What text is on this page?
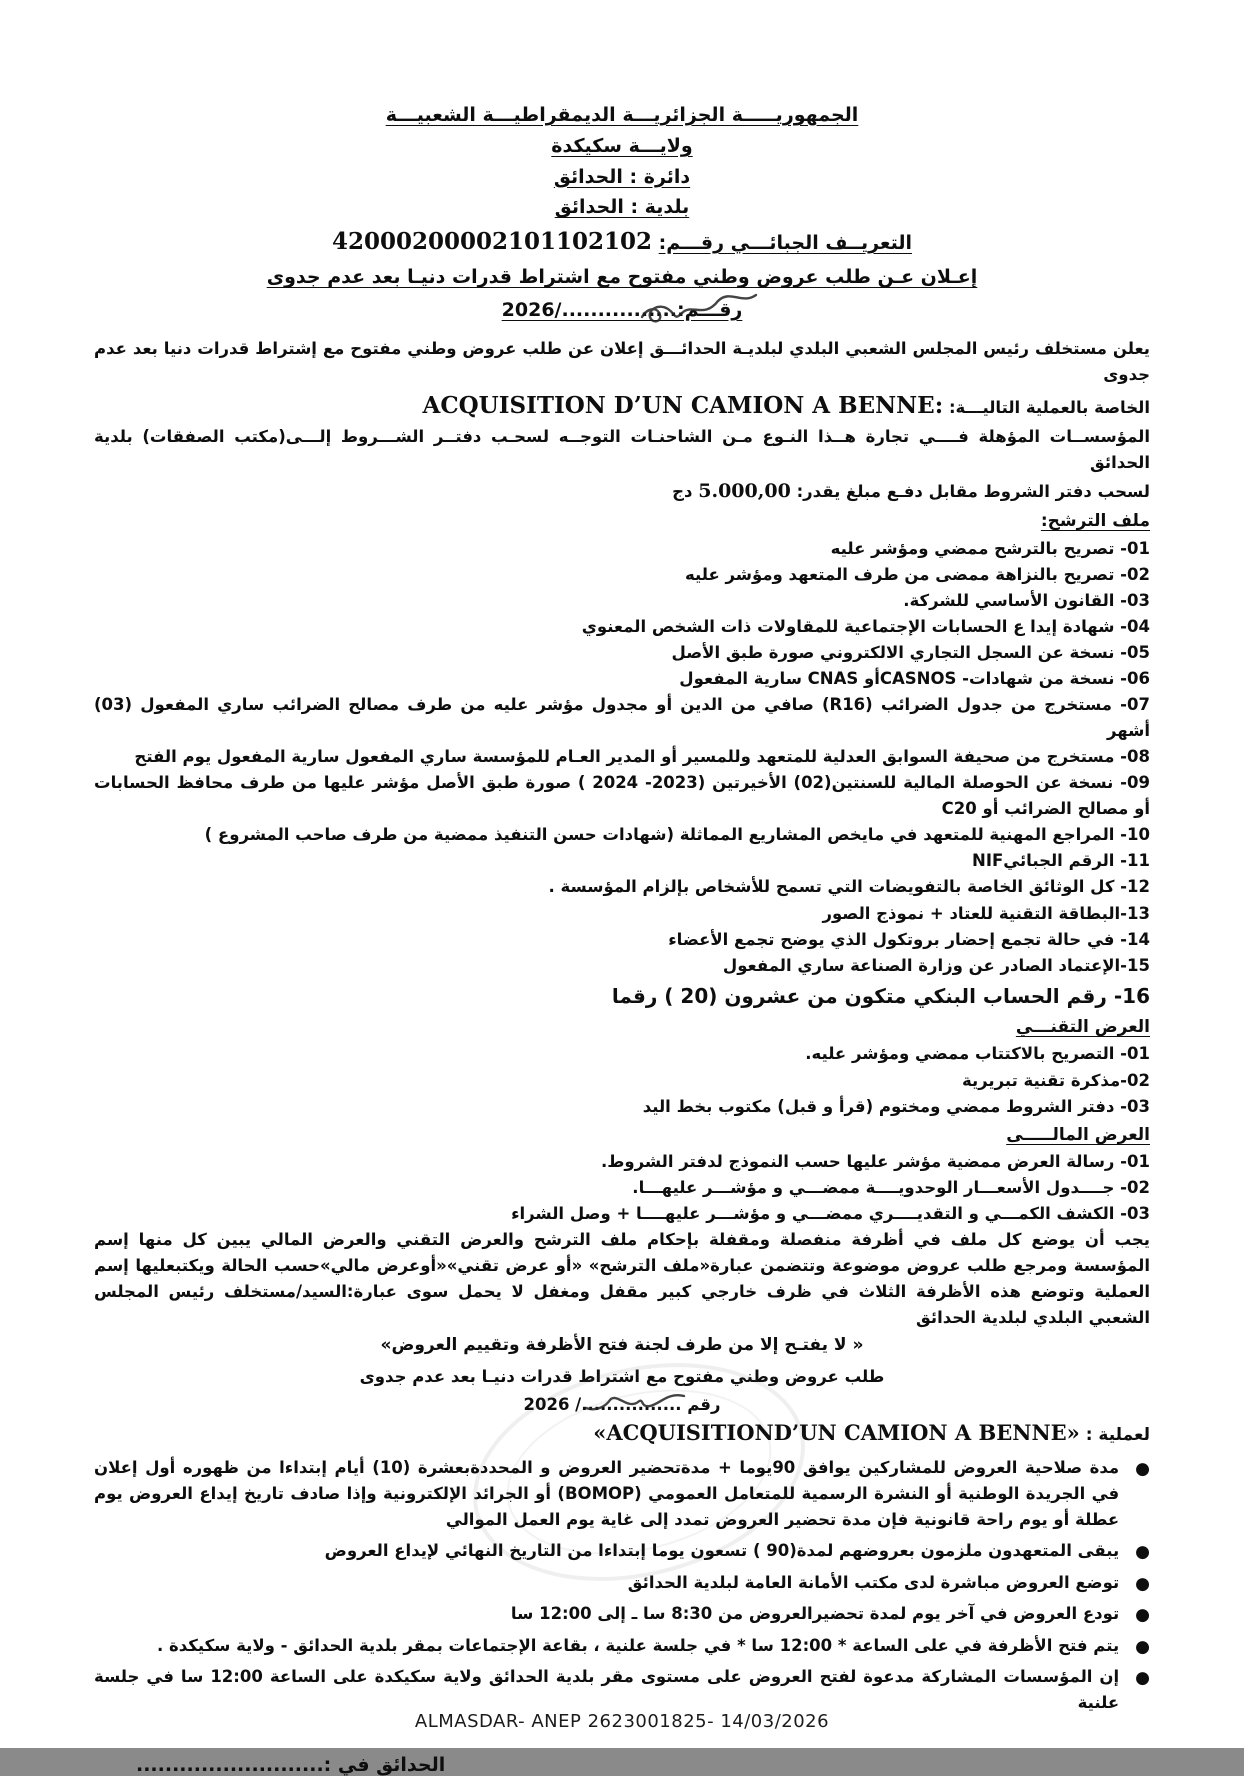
الجمهوريـــــة الجزائريـــة الديمقراطيـــة الشعبيـــة
ولايـــة سكيكدة
دائرة : الحدائق
بلدية : الحدائق
التعريــف الجبائـــي رقـــم: 42000200002101102102
إعـلان عـن طلب عروض وطني مفتوح مع اشتراط قدرات دنيـا بعد عدم جدوى
رقـــم:................/2026
يعلن مستخلف رئيس المجلس الشعبي البلدي لبلديـة الحدائـــق إعلان عن طلب عروض وطني مفتوح مع إشتراط قدرات دنيا بعد عدم جدوى
الخاصة بالعملية التاليـــة: ACQUISITION D’UN CAMION A BENNE:
المؤسســات المؤهلة فــــي تجارة هــذا النـوع مـن الشاحنـات التوجــه لسحـب دفتــر الشـــروط إلـــى(مكتب الصفقات) بلدية الحدائق
لسحب دفتر الشروط مقابل دفـع مبلغ يقدر: 5.000,00 دج
ملف الترشح:
01- تصريح بالترشح ممضي ومؤشر عليه
02- تصريح بالنزاهة ممضى من طرف المتعهد ومؤشر عليه
03- القانون الأساسي للشركة.
04- شهادة إيدا ع الحسابات الإجتماعية للمقاولات ذات الشخص المعنوي
05- نسخة عن السجل التجاري الالكتروني صورة طبق الأصل
06- نسخة من شهادات- CASNOSأو CNAS سارية المفعول
07- مستخرج من جدول الضرائب (R16) صافي من الدين أو مجدول مؤشر عليه من طرف مصالح الضرائب ساري المفعول (03) أشهر
08- مستخرج من صحيفة السوابق العدلية للمتعهد وللمسير أو المدير العـام للمؤسسة ساري المفعول سارية المفعول يوم الفتح
09- نسخة عن الحوصلة المالية للسنتين(02) الأخيرتين (2023- 2024 ) صورة طبق الأصل مؤشر عليها من طرف محافظ الحسابات أو مصالح الضرائب أو C20
10- المراجع المهنية للمتعهد في مايخص المشاريع المماثلة (شهادات حسن التنفيذ ممضية من طرف صاحب المشروع )
11- الرقم الجبائيNIF
12- كل الوثائق الخاصة بالتفويضات التي تسمح للأشخاص بإلزام المؤسسة .
13-البطاقة التقنية للعتاد + نموذج الصور
14- في حالة تجمع إحضار بروتكول الذي يوضح تجمع الأعضاء
15-الإعتماد الصادر عن وزارة الصناعة ساري المفعول
16- رقم الحساب البنكي متكون من عشرون (20 ) رقما
العرض التقنـــي
01- التصريح بالاكتتاب ممضي ومؤشر عليه.
02-مذكرة تقنية تبريرية
03- دفتر الشروط ممضي ومختوم (قرأ و قبل) مكتوب بخط اليد
العرض المالـــــى
01- رسالة العرض ممضية مؤشر عليها حسب النموذج لدفتر الشروط.
02- جــــدول الأسعـــار الوحدويــــة ممضـــي و مؤشـــر عليهـــا.
03- الكشف الكمـــي و التقديــــري ممضـــي و مؤشـــر عليهــــا + وصل الشراء
يجب أن يوضع كل ملف في أظرفة منفصلة ومقفلة بإحكام ملف الترشح والعرض التقني والعرض المالي يبين كل منها إسم المؤسسة ومرجع طلب عروض موضوعة وتتضمن عبارة«ملف الترشح» «أو عرض تقني»«أوعرض مالي»حسب الحالة ويكتبعليها إسم العملية وتوضع هذه الأظرفة الثلاث في ظرف خارجي كبير مقفل ومغفل لا يحمل سوى عبارة:السيد/مستخلف رئيس المجلس الشعبي البلدي لبلدية الحدائق
« لا يفتـح إلا من طرف لجنة فتح الأظرفة وتقييم العروض»
طلب عروض وطني مفتوح مع اشتراط قدرات دنيـا بعد عدم جدوى
رقم ................/ 2026
لعملية : «ACQUISITIOND’UN CAMION A BENNE»
●
مدة صلاحية العروض للمشاركين يوافق 90يوما + مدةتحضير العروض و المحددةبعشرة (10) أيام إبتداءا من ظهوره أول إعلان في الجريدة الوطنية أو النشرة الرسمية للمتعامل العمومي (BOMOP) أو الجرائد الإلكترونية وإذا صادف تاريخ إيداع العروض يوم عطلة أو يوم راحة قانونية فإن مدة تحضير العروض تمدد إلى غاية يوم العمل الموالي
●
يبقى المتعهدون ملزمون بعروضهم لمدة(90 ) تسعون يوما إبتداءا من التاريخ النهائي لإيداع العروض
●
توضع العروض مباشرة لدى مكتب الأمانة العامة لبلدية الحدائق
●
تودع العروض في آخر يوم لمدة تحضيرالعروض من 8:30 سا ـ إلى 12:00 سا
●
يتم فتح الأظرفة في على الساعة * 12:00 سا * في جلسة علنية ، بقاعة الإجتماعات بمقر بلدية الحدائق - ولاية سكيكدة .
●
إن المؤسسات المشاركة مدعوة لفتح العروض على مستوى مقر بلدية الحدائق ولاية سكيكدة على الساعة 12:00 سا في جلسة علنية
الحدائق في :..........................
ALMASDAR- ANEP 2623001825- 14/03/2026
